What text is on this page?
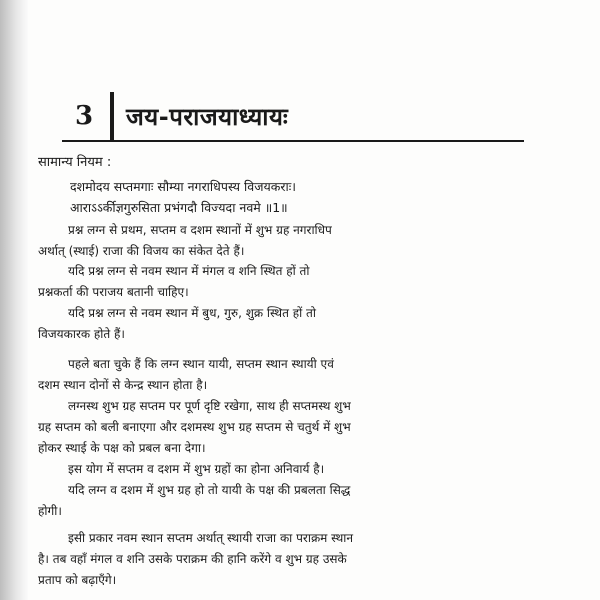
3	जय-पराजयाध्यायः
सामान्य नियम :
दशमोदय सप्तमगाः सौम्या नगराधिपस्य विजयकराः।
आराऽऽर्कीज्ञगुरुसिता प्रभंगदौ विज्यदा नवमे ॥1॥
प्रश्न लग्न से प्रथम, सप्तम व दशम स्थानों में शुभ ग्रह नगराधिप
अर्थात् (स्थाई) राजा की विजय का संकेत देते हैं।
यदि प्रश्न लग्न से नवम स्थान में मंगल व शनि स्थित हों तो
प्रश्नकर्ता की पराजय बतानी चाहिए।
यदि प्रश्न लग्न से नवम स्थान में बुध, गुरु, शुक्र स्थित हों तो
विजयकारक होते हैं।
पहले बता चुके हैं कि लग्न स्थान यायी, सप्तम स्थान स्थायी एवं
दशम स्थान दोनों से केन्द्र स्थान होता है।
लग्नस्थ शुभ ग्रह सप्तम पर पूर्ण दृष्टि रखेगा, साथ ही सप्तमस्थ शुभ
ग्रह सप्तम को बली बनाएगा और दशमस्थ शुभ ग्रह सप्तम से चतुर्थ में शुभ
होकर स्थाई के पक्ष को प्रबल बना देगा।
इस योग में सप्तम व दशम में शुभ ग्रहों का होना अनिवार्य है।
यदि लग्न व दशम में शुभ ग्रह हो तो यायी के पक्ष की प्रबलता सिद्ध
होगी।
इसी प्रकार नवम स्थान सप्तम अर्थात् स्थायी राजा का पराक्रम स्थान
है। तब वहाँ मंगल व शनि उसके पराक्रम की हानि करेंगे व शुभ ग्रह उसके
प्रताप को बढ़ाएँगे।
